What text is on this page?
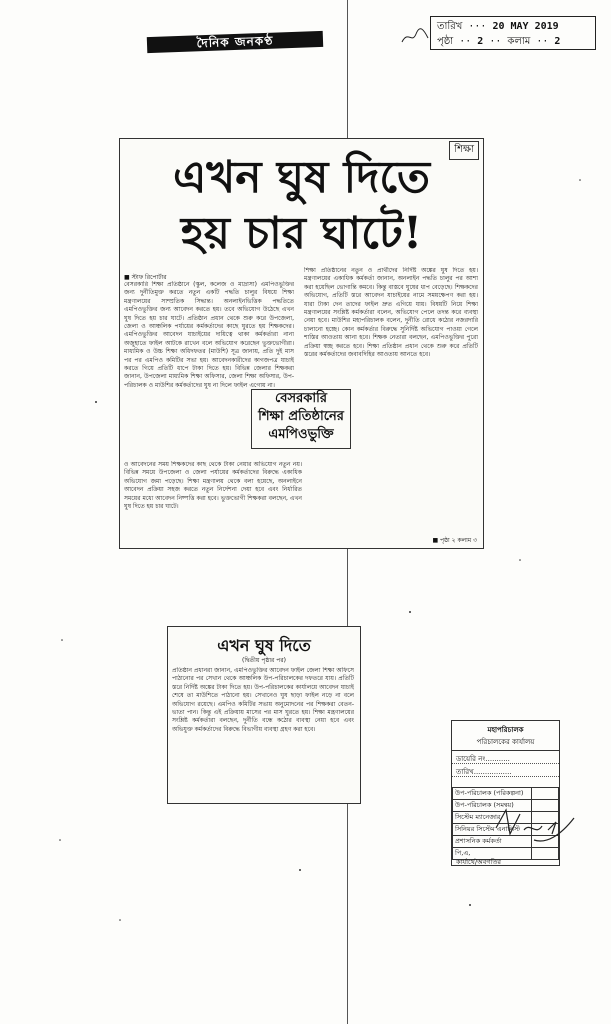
দৈনিক জনকণ্ঠ
তারিখ ··· 20 MAY 2019
পৃষ্ঠা ·· 2 ·· কলাম ·· 2
শিক্ষা
এখন ঘুষ দিতে
হয় চার ঘাটে!
■ স্টাফ রিপোর্টার
বেসরকারি শিক্ষা প্রতিষ্ঠানে (স্কুল, কলেজ ও মাদ্রাসা) এমপিওভুক্তির জন্য দুর্নীতিমুক্ত করতে নতুন একটি পদ্ধতি চালুর বিষয়ে শিক্ষা মন্ত্রণালয়ের সাম্প্রতিক সিদ্ধান্ত। অনলাইনভিত্তিক পদ্ধতিতে এমপিওভুক্তির জন্য আবেদন করতে হয়। তবে অভিযোগ উঠেছে এখন ঘুষ দিতে হয় চার ঘাটে। প্রতিষ্ঠান প্রধান থেকে শুরু করে উপজেলা, জেলা ও আঞ্চলিক পর্যায়ের কর্মকর্তাদের কাছে ঘুরতে হয় শিক্ষকদের। এমপিওভুক্তির আবেদন যাচাইয়ের দায়িত্বে থাকা কর্মকর্তারা নানা অজুহাতে ফাইল আটকে রাখেন বলে অভিযোগ করেছেন ভুক্তভোগীরা। মাধ্যমিক ও উচ্চ শিক্ষা অধিদফতর (মাউশি) সূত্র জানায়, প্রতি দুই মাস পর পর এমপিও কমিটির সভা হয়। আবেদনকারীদের কাগজপত্র যাচাই করতে গিয়ে প্রতিটি ধাপে টাকা দিতে হয়। বিভিন্ন জেলার শিক্ষকরা জানান, উপজেলা মাধ্যমিক শিক্ষা অফিসার, জেলা শিক্ষা অফিসার, উপ-পরিচালক ও মাউশির কর্মকর্তাদের ঘুষ না দিলে ফাইল এগোয় না।
শিক্ষা প্রতিষ্ঠানের নতুন ও প্রার্থীদের নির্দিষ্ট অঙ্কের ঘুষ দিতে হয়। মন্ত্রণালয়ের একাধিক কর্মকর্তা জানান, অনলাইন পদ্ধতি চালুর পর আশা করা হয়েছিল ভোগান্তি কমবে। কিন্তু বাস্তবে ঘুষের ধাপ বেড়েছে। শিক্ষকদের অভিযোগ, প্রতিটি স্তরে আবেদন যাচাইয়ের নামে সময়ক্ষেপণ করা হয়। যারা টাকা দেন তাদের ফাইল দ্রুত এগিয়ে যায়। বিষয়টি নিয়ে শিক্ষা মন্ত্রণালয়ের সংশ্লিষ্ট কর্মকর্তারা বলেন, অভিযোগ পেলে তদন্ত করে ব্যবস্থা নেয়া হবে। মাউশির মহাপরিচালক বলেন, দুর্নীতি রোধে কঠোর নজরদারি চালানো হচ্ছে। কোন কর্মকর্তার বিরুদ্ধে সুনির্দিষ্ট অভিযোগ পাওয়া গেলে শাস্তির আওতায় আনা হবে। শিক্ষক নেতারা বলছেন, এমপিওভুক্তির পুরো প্রক্রিয়া স্বচ্ছ করতে হবে। শিক্ষা প্রতিষ্ঠান প্রধান থেকে শুরু করে প্রতিটি স্তরের কর্মকর্তাদের জবাবদিহির আওতায় আনতে হবে।
ও আবেদনের সময় শিক্ষকদের কাছ থেকে টাকা নেয়ার অভিযোগ নতুন নয়। বিভিন্ন সময়ে উপজেলা ও জেলা পর্যায়ের কর্মকর্তাদের বিরুদ্ধে একাধিক অভিযোগ জমা পড়েছে। শিক্ষা মন্ত্রণালয় থেকে বলা হয়েছে, অনলাইনে আবেদন প্রক্রিয়া সহজ করতে নতুন নির্দেশনা দেয়া হবে এবং নির্ধারিত সময়ের মধ্যে আবেদন নিষ্পত্তি করা হবে। ভুক্তভোগী শিক্ষকরা বলছেন, এখন ঘুষ দিতে হয় চার ঘাটে।
বেসরকারি
শিক্ষা প্রতিষ্ঠানের
এমপিওভুক্তি
■ পৃষ্ঠা ২ কলাম ৩
এখন ঘুষ দিতে
(দ্বিতীয় পৃষ্ঠার পর)
প্রতিষ্ঠান প্রধানরা জানান, এমপিওভুক্তির আবেদন ফাইল জেলা শিক্ষা অফিসে পাঠানোর পর সেখান থেকে আঞ্চলিক উপ-পরিচালকের দফতরে যায়। প্রতিটি স্তরে নির্দিষ্ট অঙ্কের টাকা দিতে হয়। উপ-পরিচালকের কার্যালয়ে আবেদন যাচাই শেষে তা মাউশিতে পাঠানো হয়। সেখানেও ঘুষ ছাড়া ফাইল নড়ে না বলে অভিযোগ রয়েছে। এমপিও কমিটির সভায় অনুমোদনের পর শিক্ষকরা বেতন-ভাতা পান। কিন্তু এই প্রক্রিয়ায় মাসের পর মাস ঘুরতে হয়। শিক্ষা মন্ত্রণালয়ের সংশ্লিষ্ট কর্মকর্তারা বলছেন, দুর্নীতি বন্ধে কঠোর ব্যবস্থা নেয়া হবে এবং অভিযুক্ত কর্মকর্তাদের বিরুদ্ধে বিভাগীয় ব্যবস্থা গ্রহণ করা হবে।	মহাপরিচালক
পরিচালকের কার্যালয়
ডায়েরি নং...........
তারিখ.................
উপ-পরিচালক (পরিকল্পনা)	
উপ-পরিচালক (সমন্বয়)	
সিস্টেম ম্যানেজার	
সিনিয়র সিস্টেম এনালিস্ট	
প্রশাসনিক কর্মকর্তা	
পি,এ,	
কার্যার্থে/অবগতির
